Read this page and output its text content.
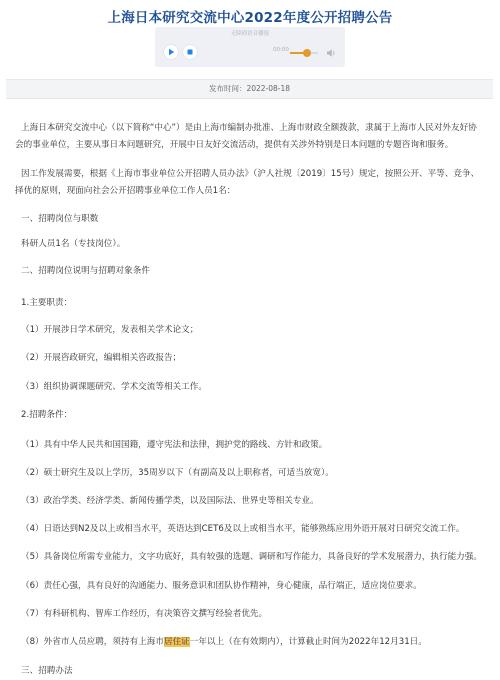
上海日本研究交流中心2022年度公开招聘公告
无障碍语音播报
00:00
发布时间：2022-08-18

上海日本研究交流中心（以下简称“中心”）是由上海市编制办批准、上海市财政全额拨款，隶属于上海市人民对外友好协会的事业单位，主要从事日本问题研究，开展中日友好交流活动，提供有关涉外特别是日本问题的专题咨询和服务。

因工作发展需要，根据《上海市事业单位公开招聘人员办法》（沪人社规〔2019〕15号）规定，按照公开、平等、竞争、择优的原则，现面向社会公开招聘事业单位工作人员1名：

一、招聘岗位与职数

科研人员1名（专技岗位）。

二、招聘岗位说明与招聘对象条件

1.主要职责：

（1）开展涉日学术研究，发表相关学术论文；

（2）开展咨政研究，编辑相关咨政报告；

（3）组织协调课题研究、学术交流等相关工作。

2.招聘条件：

（1）具有中华人民共和国国籍，遵守宪法和法律，拥护党的路线、方针和政策。

（2）硕士研究生及以上学历，35周岁以下（有副高及以上职称者，可适当放宽）。

（3）政治学类、经济学类、新闻传播学类，以及国际法、世界史等相关专业。

（4）日语达到N2及以上或相当水平，英语达到CET6及以上或相当水平，能够熟练应用外语开展对日研究交流工作。

（5）具备岗位所需专业能力，文字功底好，具有较强的选题、调研和写作能力，具备良好的学术发展潜力，执行能力强。

（6）责任心强，具有良好的沟通能力、服务意识和团队协作精神，身心健康，品行端正，适应岗位要求。

（7）有科研机构、智库工作经历，有决策咨文撰写经验者优先。

（8）外省市人员应聘，须持有上海市居住证一年以上（在有效期内），计算截止时间为2022年12月31日。

三、招聘办法
